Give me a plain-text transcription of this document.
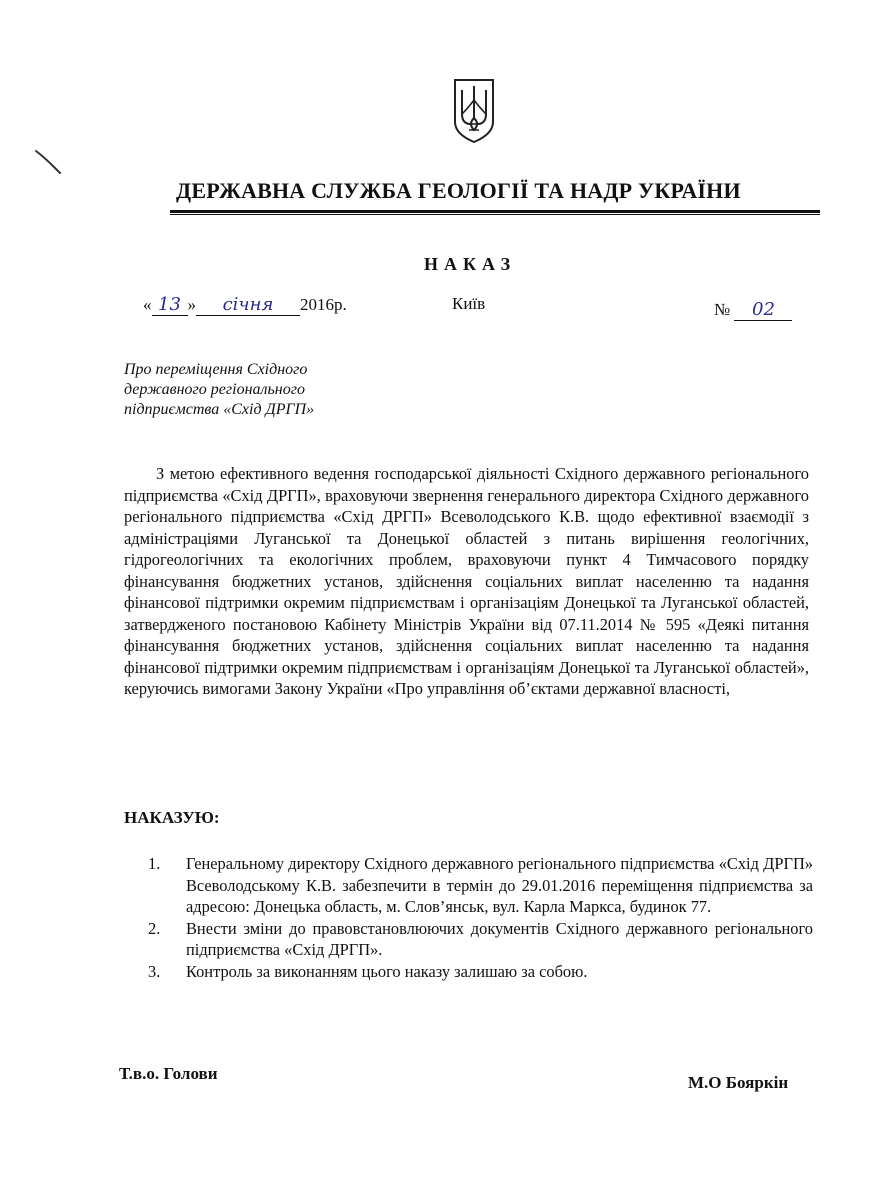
ДЕРЖАВНА СЛУЖБА ГЕОЛОГІЇ ТА НАДР УКРАЇНИ
НАКАЗ
« 13 » січня 2016р.	Київ	№ 02
Про переміщення Східного
державного регіонального
підприємства «Схід ДРГП»
З метою ефективного ведення господарської діяльності Східного державного регіонального підприємства «Схід ДРГП», враховуючи звернення генерального директора Східного державного регіонального підприємства «Схід ДРГП» Всеволодського К.В. щодо ефективної взаємодії з адміністраціями Луганської та Донецької областей з питань вирішення геологічних, гідрогеологічних та екологічних проблем, враховуючи пункт 4 Тимчасового порядку фінансування бюджетних установ, здійснення соціальних виплат населенню та надання фінансової підтримки окремим підприємствам і організаціям Донецької та Луганської областей, затвердженого постановою Кабінету Міністрів України від 07.11.2014 № 595 «Деякі питання фінансування бюджетних установ, здійснення соціальних виплат населенню та надання фінансової підтримки окремим підприємствам і організаціям Донецької та Луганської областей», керуючись вимогами Закону України «Про управління об’єктами державної власності,
НАКАЗУЮ:
1. Генеральному директору Східного державного регіонального підприємства «Схід ДРГП» Всеволодському К.В. забезпечити в термін до 29.01.2016 переміщення підприємства за адресою: Донецька область, м. Слов’янськ, вул. Карла Маркса, будинок 77.
2. Внести зміни до правовстановлюючих документів Східного державного регіонального підприємства «Схід ДРГП».
3. Контроль за виконанням цього наказу залишаю за собою.
Т.в.о. Голови	М.О Бояркін
